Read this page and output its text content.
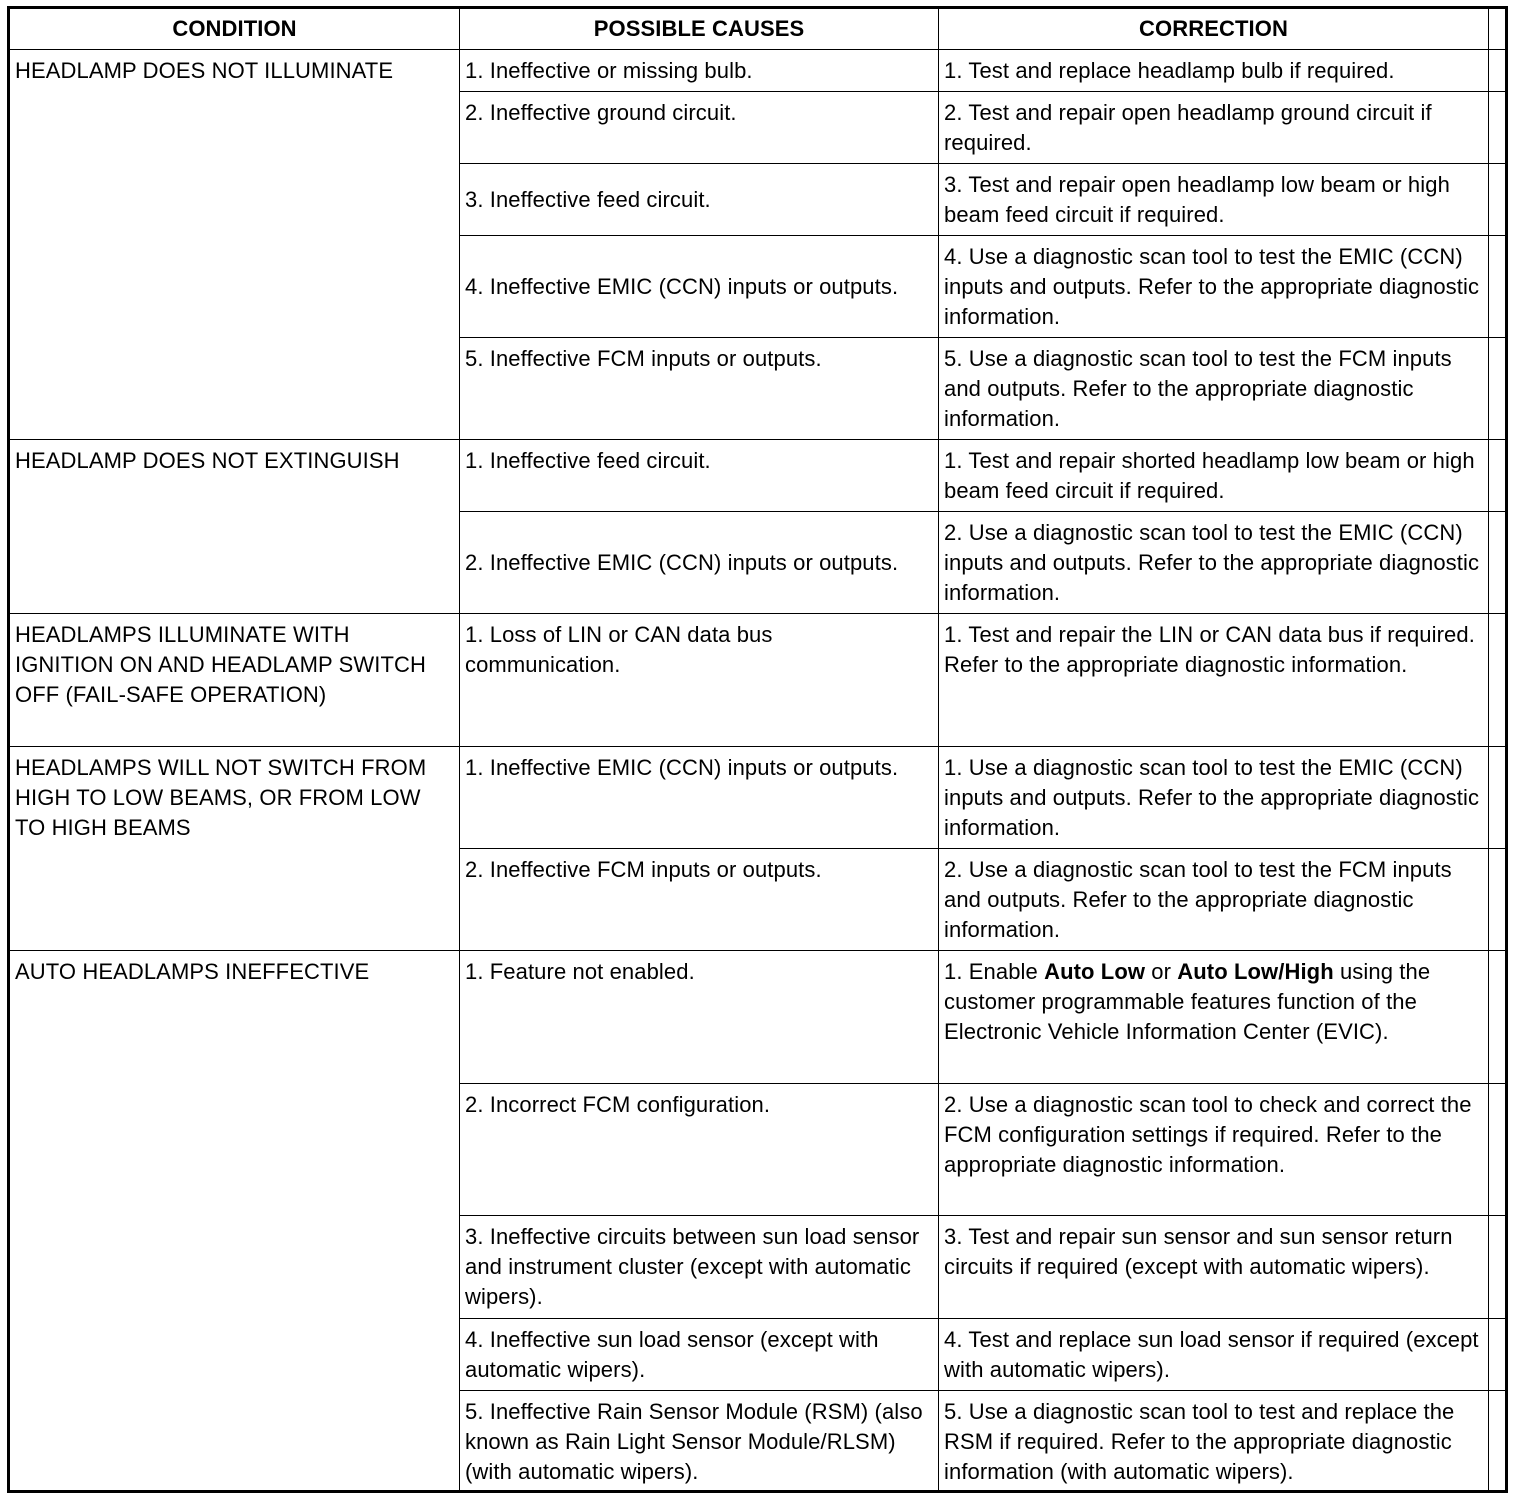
CONDITION	POSSIBLE CAUSES	CORRECTION	
HEADLAMP DOES NOT ILLUMINATE	1. Ineffective or missing bulb.	1. Test and replace headlamp bulb if required.	
	2. Ineffective ground circuit.	2. Test and repair open headlamp ground circuit if required.	
	3. Ineffective feed circuit.	3. Test and repair open headlamp low beam or high beam feed circuit if required.	
	4. Ineffective EMIC (CCN) inputs or outputs.	4. Use a diagnostic scan tool to test the EMIC (CCN) inputs and outputs. Refer to the appropriate diagnostic information.	
	5. Ineffective FCM inputs or outputs.	5. Use a diagnostic scan tool to test the FCM inputs and outputs. Refer to the appropriate diagnostic information.	
HEADLAMP DOES NOT EXTINGUISH	1. Ineffective feed circuit.	1. Test and repair shorted headlamp low beam or high beam feed circuit if required.	
	2. Ineffective EMIC (CCN) inputs or outputs.	2. Use a diagnostic scan tool to test the EMIC (CCN) inputs and outputs. Refer to the appropriate diagnostic information.	
HEADLAMPS ILLUMINATE WITH IGNITION ON AND HEADLAMP SWITCH OFF (FAIL-SAFE OPERATION)	1. Loss of LIN or CAN data bus communication.	1. Test and repair the LIN or CAN data bus if required. Refer to the appropriate diagnostic information.	
HEADLAMPS WILL NOT SWITCH FROM HIGH TO LOW BEAMS, OR FROM LOW TO HIGH BEAMS	1. Ineffective EMIC (CCN) inputs or outputs.	1. Use a diagnostic scan tool to test the EMIC (CCN) inputs and outputs. Refer to the appropriate diagnostic information.	
	2. Ineffective FCM inputs or outputs.	2. Use a diagnostic scan tool to test the FCM inputs and outputs. Refer to the appropriate diagnostic information.	
AUTO HEADLAMPS INEFFECTIVE	1. Feature not enabled.	1. Enable Auto Low or Auto Low/High using the customer programmable features function of the Electronic Vehicle Information Center (EVIC).	
	2. Incorrect FCM configuration.	2. Use a diagnostic scan tool to check and correct the FCM configuration settings if required. Refer to the appropriate diagnostic information.	
	3. Ineffective circuits between sun load sensor and instrument cluster (except with automatic wipers).	3. Test and repair sun sensor and sun sensor return circuits if required (except with automatic wipers).	
	4. Ineffective sun load sensor (except with automatic wipers).	4. Test and replace sun load sensor if required (except with automatic wipers).	
	5. Ineffective Rain Sensor Module (RSM) (also known as Rain Light Sensor Module/RLSM) (with automatic wipers).	5. Use a diagnostic scan tool to test and replace the RSM if required. Refer to the appropriate diagnostic information (with automatic wipers).	
